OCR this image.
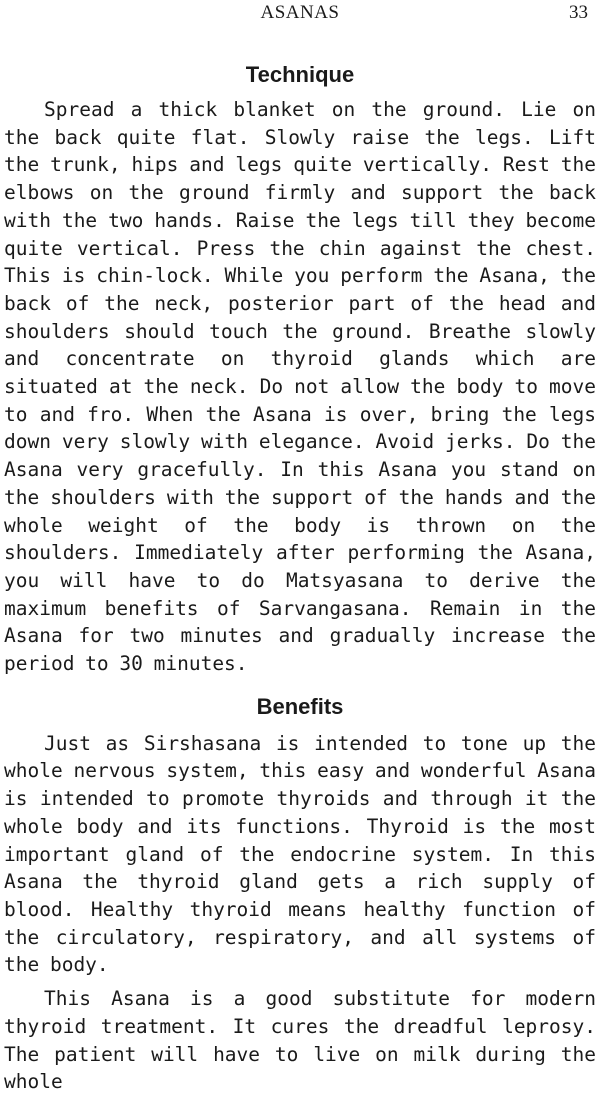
ASANAS	33
Technique

Spread a thick blanket on the ground. Lie on the back quite flat. Slowly raise the legs. Lift the trunk, hips and legs quite vertically. Rest the elbows on the ground firmly and support the back with the two hands. Raise the legs till they become quite vertical. Press the chin against the chest. This is chin-lock. While you perform the Asana, the back of the neck, posterior part of the head and shoulders should touch the ground. Breathe slowly and concentrate on thyroid glands which are situated at the neck. Do not allow the body to move to and fro. When the Asana is over, bring the legs down very slowly with elegance. Avoid jerks. Do the Asana very gracefully. In this Asana you stand on the shoulders with the support of the hands and the whole weight of the body is thrown on the shoulders. Immediately after performing the Asana, you will have to do Matsyasana to derive the maximum benefits of Sarvangasana. Remain in the Asana for two minutes and gradually increase the period to 30 minutes.

Benefits

Just as Sirshasana is intended to tone up the whole nervous system, this easy and wonderful Asana is intended to promote thyroids and through it the whole body and its functions. Thyroid is the most important gland of the endocrine system. In this Asana the thyroid gland gets a rich supply of blood. Healthy thyroid means healthy function of the circulatory, respiratory, and all systems of the body.

This Asana is a good substitute for modern thyroid treatment. It cures the dreadful leprosy. The patient will have to live on milk during the whole
